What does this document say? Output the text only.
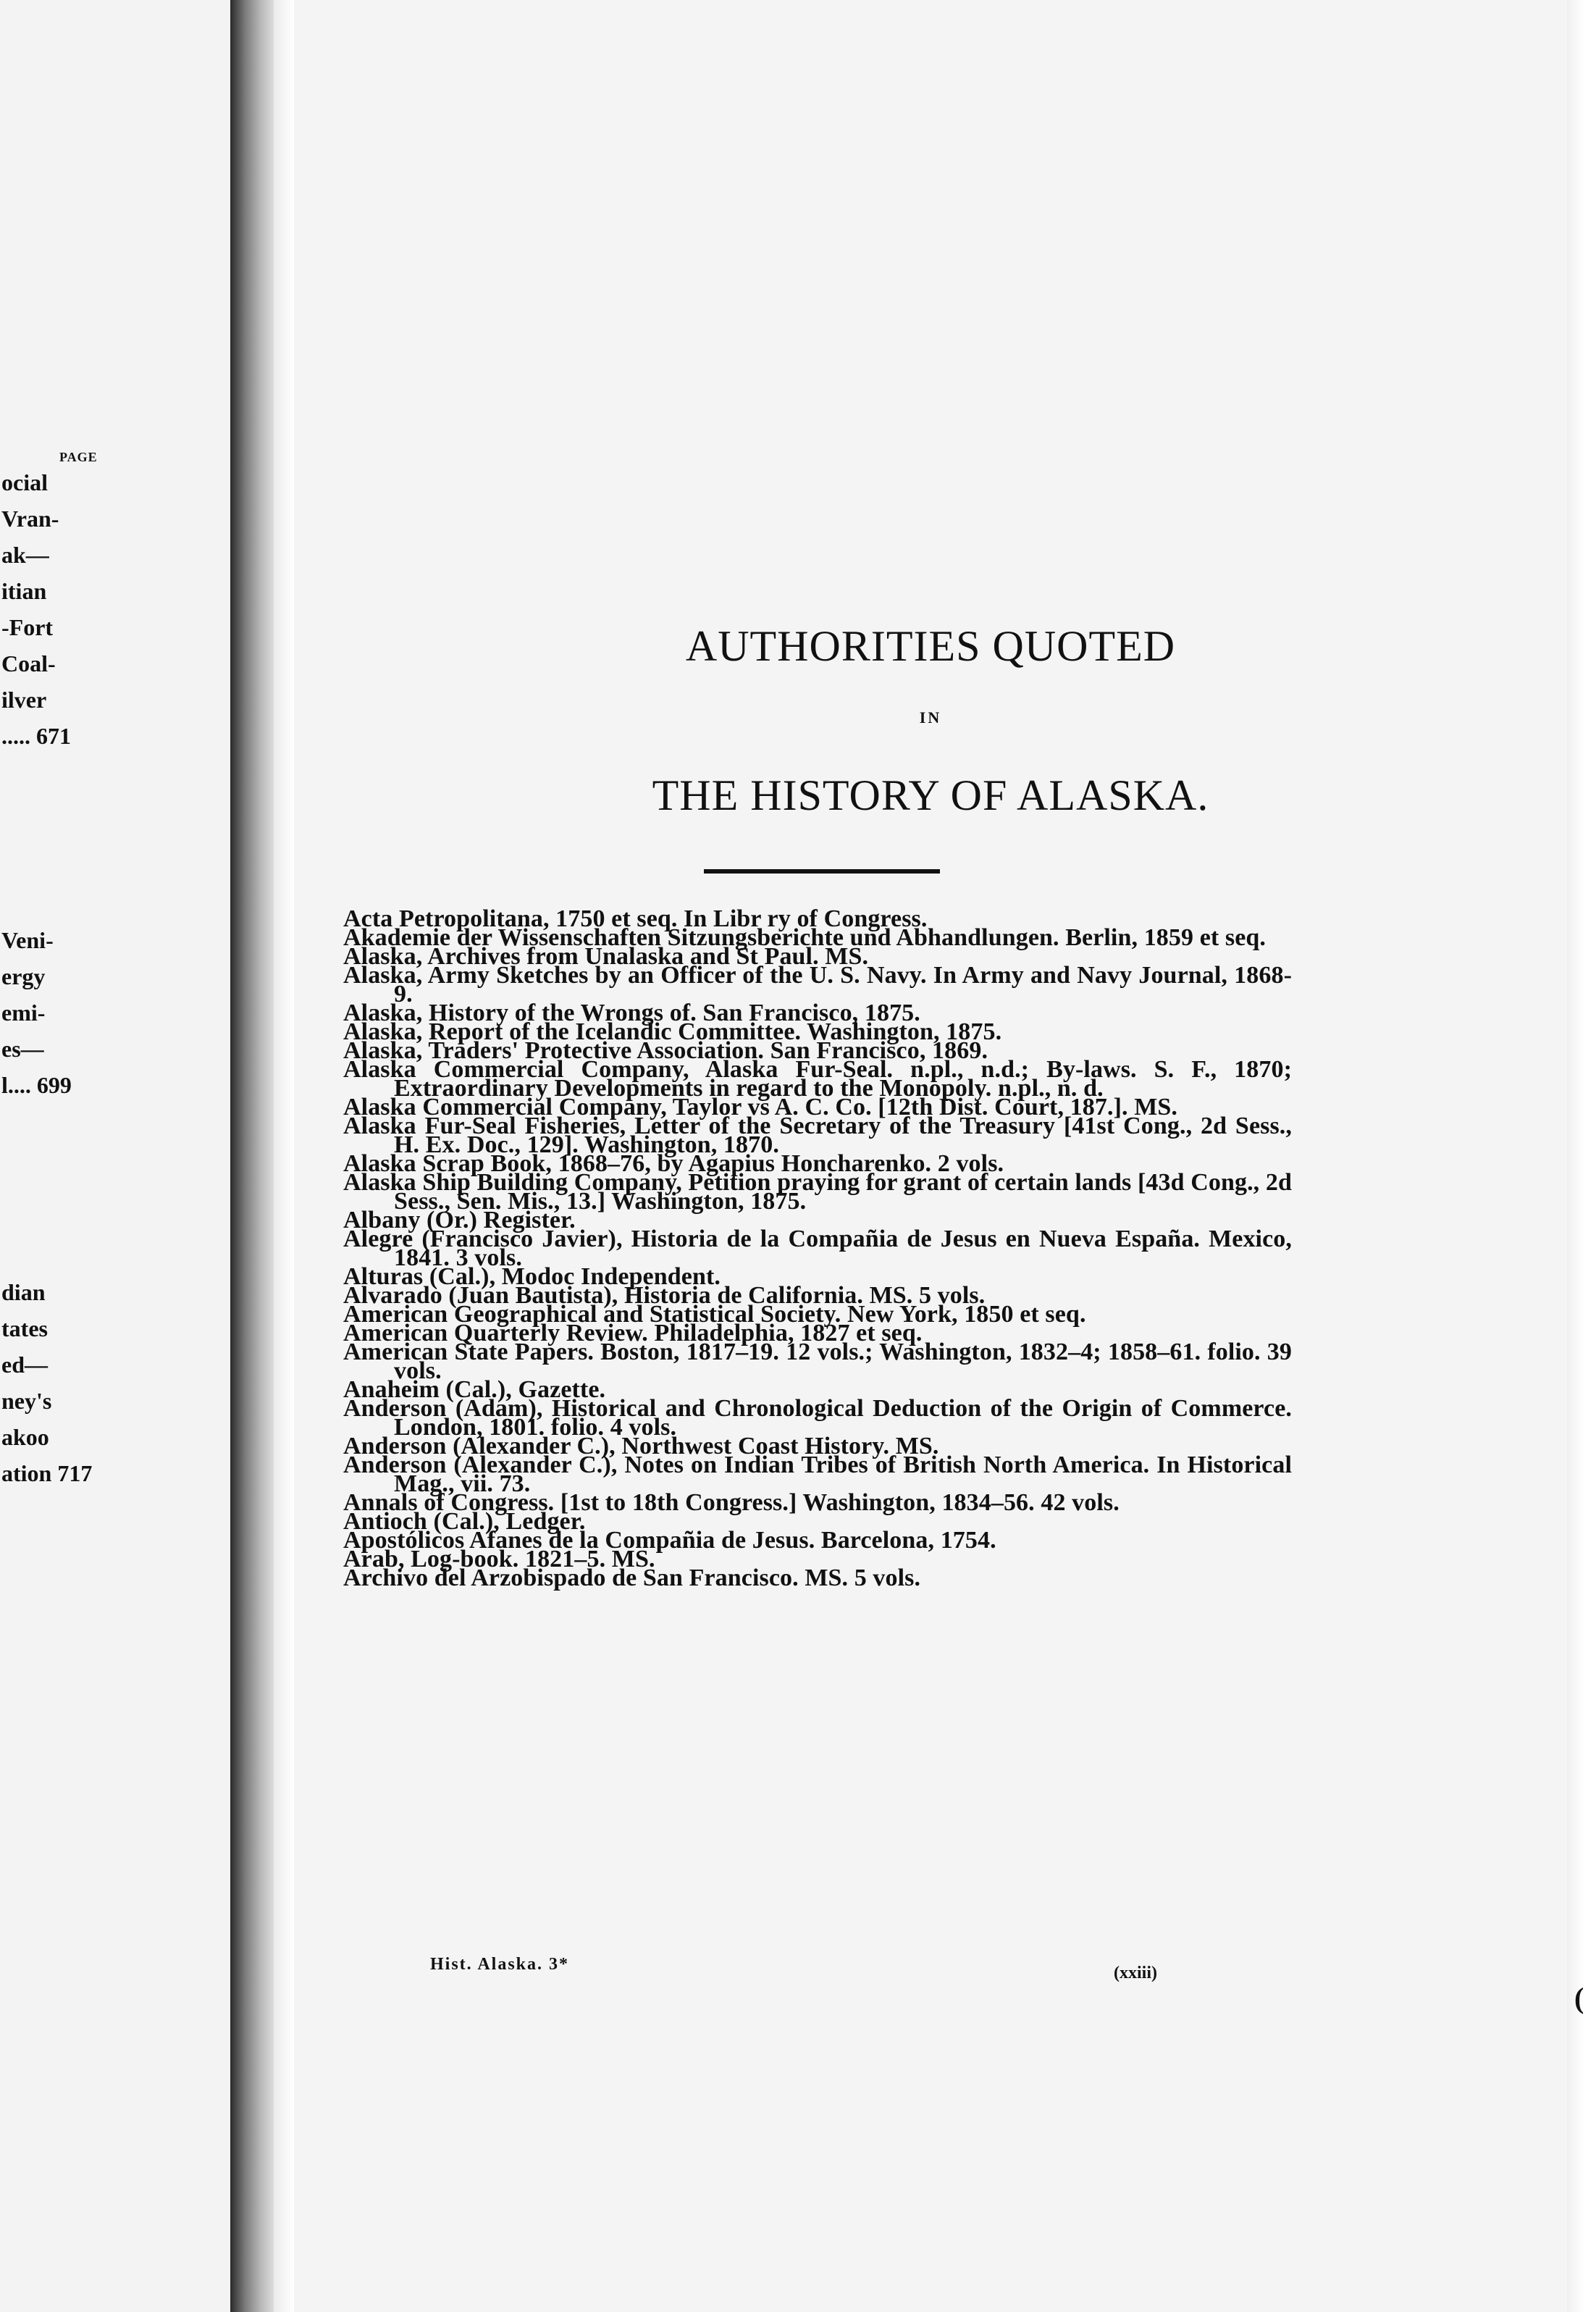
PAGE
ocial
Vran-
ak—
itian
-Fort
Coal-
ilver
..... 671
Veni-
ergy
emi-
es—
l.... 699
dian
tates
ed—
ney's
akoo
ation 717
(
AUTHORITIES QUOTED
IN
THE HISTORY OF ALASKA.
Acta Petropolitana, 1750 et seq. In Libr ry of Congress.
Akademie der Wissenschaften Sitzungsberichte und Abhandlungen. Berlin, 1859 et seq.
Alaska, Archives from Unalaska and St Paul. MS.
Alaska, Army Sketches by an Officer of the U. S. Navy. In Army and Navy Journal, 1868-9.
Alaska, History of the Wrongs of. San Francisco, 1875.
Alaska, Report of the Icelandic Committee. Washington, 1875.
Alaska, Traders' Protective Association. San Francisco, 1869.
Alaska Commercial Company, Alaska Fur-Seal. n.pl., n.d.; By-laws. S. F., 1870; Extraordinary Developments in regard to the Monopoly. n.pl., n. d.
Alaska Commercial Company, Taylor vs A. C. Co. [12th Dist. Court, 187.]. MS.
Alaska Fur-Seal Fisheries, Letter of the Secretary of the Treasury [41st Cong., 2d Sess., H. Ex. Doc., 129]. Washington, 1870.
Alaska Scrap Book, 1868–76, by Agapius Honcharenko. 2 vols.
Alaska Ship Building Company, Petition praying for grant of certain lands [43d Cong., 2d Sess., Sen. Mis., 13.] Washington, 1875.
Albany (Or.) Register.
Alegre (Francisco Javier), Historia de la Compañia de Jesus en Nueva España. Mexico, 1841. 3 vols.
Alturas (Cal.), Modoc Independent.
Alvarado (Juan Bautista), Historia de California. MS. 5 vols.
American Geographical and Statistical Society. New York, 1850 et seq.
American Quarterly Review. Philadelphia, 1827 et seq.
American State Papers. Boston, 1817–19. 12 vols.; Washington, 1832–4; 1858–61. folio. 39 vols.
Anaheim (Cal.), Gazette.
Anderson (Adam), Historical and Chronological Deduction of the Origin of Commerce. London, 1801. folio. 4 vols.
Anderson (Alexander C.), Northwest Coast History. MS.
Anderson (Alexander C.), Notes on Indian Tribes of British North America. In Historical Mag., vii. 73.
Annals of Congress. [1st to 18th Congress.] Washington, 1834–56. 42 vols.
Antioch (Cal.), Ledger.
Apostólicos Afanes de la Compañia de Jesus. Barcelona, 1754.
Arab, Log-book. 1821–5. MS.
Archivo del Arzobispado de San Francisco. MS. 5 vols.
Hist. Alaska. 3*	(xxiii)
